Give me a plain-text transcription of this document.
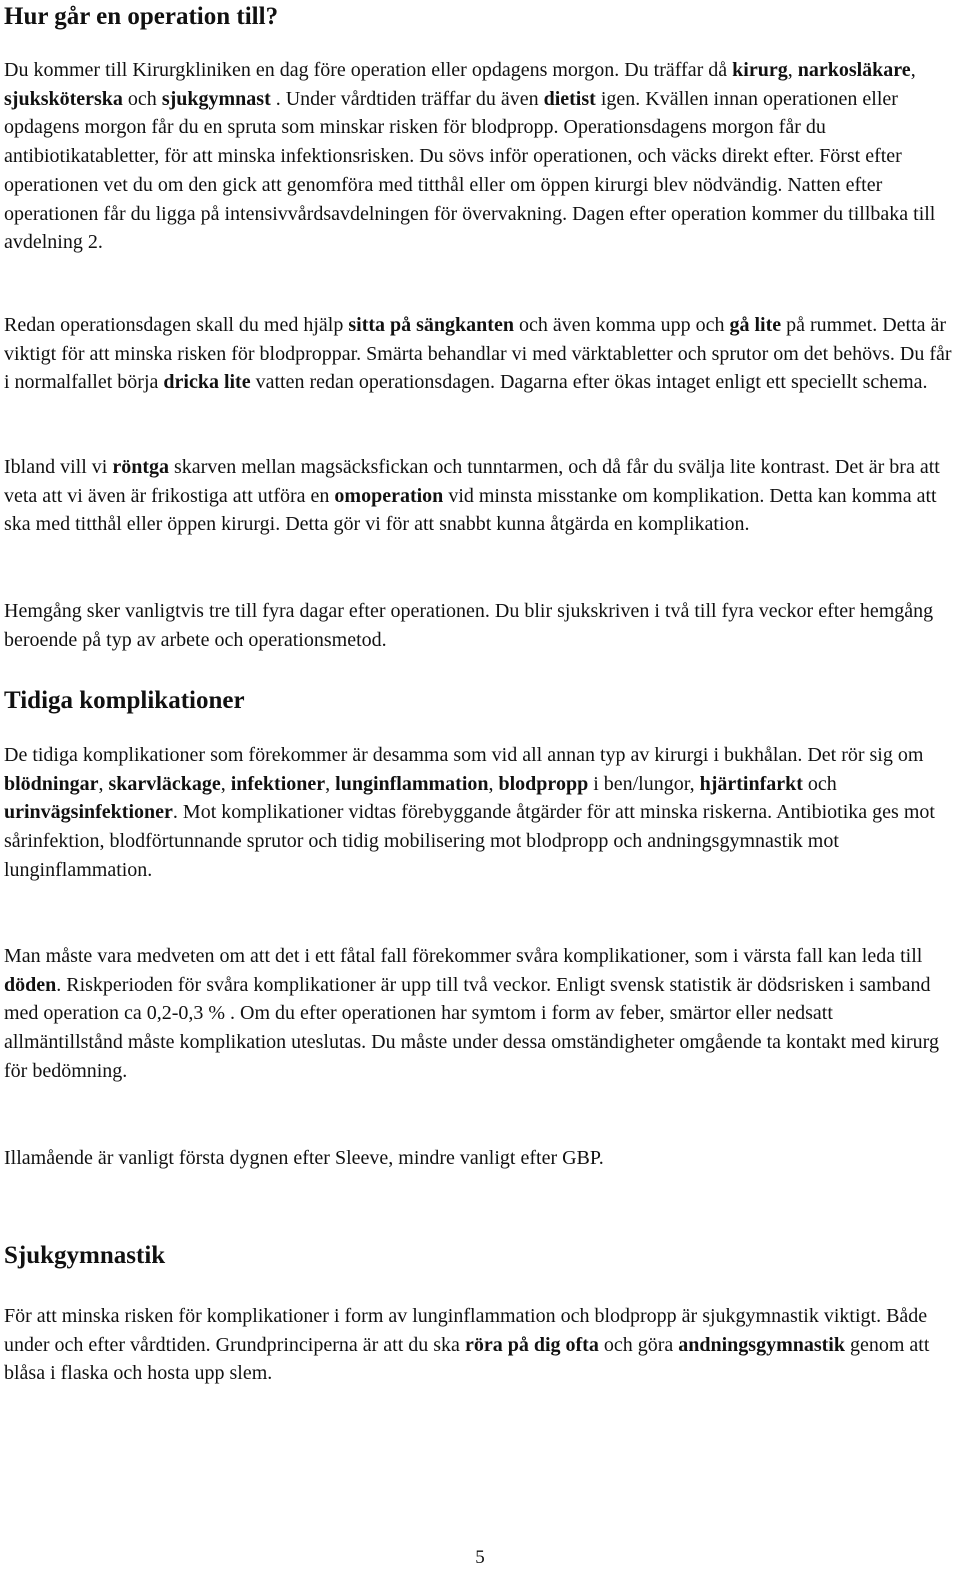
Hur går en operation till?

Du kommer till Kirurgkliniken en dag före operation eller opdagens morgon. Du träffar då kirurg, narkosläkare, sjuksköterska och sjukgymnast . Under vårdtiden träffar du även dietist igen. Kvällen innan operationen eller opdagens morgon får du en spruta som minskar risken för blodpropp. Operationsdagens morgon får du antibiotikatabletter, för att minska infektionsrisken. Du sövs inför operationen, och väcks direkt efter. Först efter operationen vet du om den gick att genomföra med titthål eller om öppen kirurgi blev nödvändig. Natten efter operationen får du ligga på intensivvårdsavdelningen för övervakning. Dagen efter operation kommer du tillbaka till avdelning 2.

Redan operationsdagen skall du med hjälp sitta på sängkanten och även komma upp och gå lite på rummet. Detta är viktigt för att minska risken för blodproppar. Smärta behandlar vi med värktabletter och sprutor om det behövs. Du får i normalfallet börja dricka lite vatten redan operationsdagen. Dagarna efter ökas intaget enligt ett speciellt schema.

Ibland vill vi röntga skarven mellan magsäcksfickan och tunntarmen, och då får du svälja lite kontrast. Det är bra att veta att vi även är frikostiga att utföra en omoperation vid minsta misstanke om komplikation. Detta kan komma att ska med titthål eller öppen kirurgi. Detta gör vi för att snabbt kunna åtgärda en komplikation.

Hemgång sker vanligtvis tre till fyra dagar efter operationen. Du blir sjukskriven i två till fyra veckor efter hemgång beroende på typ av arbete och operationsmetod.

Tidiga komplikationer

De tidiga komplikationer som förekommer är desamma som vid all annan typ av kirurgi i bukhålan. Det rör sig om blödningar, skarvläckage, infektioner, lunginflammation, blodpropp i ben/lungor, hjärtinfarkt och urinvägsinfektioner. Mot komplikationer vidtas förebyggande åtgärder för att minska riskerna. Antibiotika ges mot sårinfektion, blodförtunnande sprutor och tidig mobilisering mot blodpropp och andningsgymnastik mot lunginflammation.

Man måste vara medveten om att det i ett fåtal fall förekommer svåra komplikationer, som i värsta fall kan leda till döden. Riskperioden för svåra komplikationer är upp till två veckor. Enligt svensk statistik är dödsrisken i samband med operation ca 0,2-0,3 % . Om du efter operationen har symtom i form av feber, smärtor eller nedsatt allmäntillstånd måste komplikation uteslutas. Du måste under dessa omständigheter omgående ta kontakt med kirurg för bedömning.

Illamående är vanligt första dygnen efter Sleeve, mindre vanligt efter GBP.

Sjukgymnastik

För att minska risken för komplikationer i form av lunginflammation och blodpropp är sjukgymnastik viktigt. Både under och efter vårdtiden. Grundprinciperna är att du ska röra på dig ofta och göra andningsgymnastik genom att blåsa i flaska och hosta upp slem.

5
